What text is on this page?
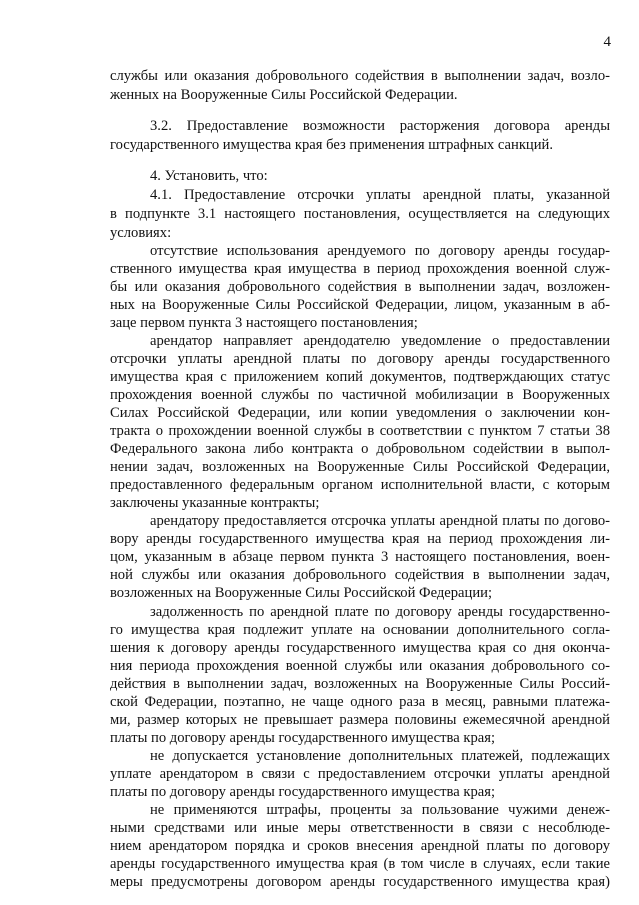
4
службы или оказания добровольного содействия в выполнении задач, возло-
женных на Вооруженные Силы Российской Федерации.
3.2. Предоставление возможности расторжения договора аренды
государственного имущества края без применения штрафных санкций.
4. Установить, что:
4.1. Предоставление отсрочки уплаты арендной платы, указанной
в подпункте 3.1 настоящего постановления, осуществляется на следующих
условиях:
отсутствие использования арендуемого по договору аренды государ-
ственного имущества края имущества в период прохождения военной служ-
бы или оказания добровольного содействия в выполнении задач, возложен-
ных на Вооруженные Силы Российской Федерации, лицом, указанным в аб-
заце первом пункта 3 настоящего постановления;
арендатор направляет арендодателю уведомление о предоставлении
отсрочки уплаты арендной платы по договору аренды государственного
имущества края с приложением копий документов, подтверждающих статус
прохождения военной службы по частичной мобилизации в Вооруженных
Силах Российской Федерации, или копии уведомления о заключении кон-
тракта о прохождении военной службы в соответствии с пунктом 7 статьи 38
Федерального закона либо контракта о добровольном содействии в выпол-
нении задач, возложенных на Вооруженные Силы Российской Федерации,
предоставленного федеральным органом исполнительной власти, с которым
заключены указанные контракты;
арендатору предоставляется отсрочка уплаты арендной платы по догово-
вору аренды государственного имущества края на период прохождения ли-
цом, указанным в абзаце первом пункта 3 настоящего постановления, воен-
ной службы или оказания добровольного содействия в выполнении задач,
возложенных на Вооруженные Силы Российской Федерации;
задолженность по арендной плате по договору аренды государственно-
го имущества края подлежит уплате на основании дополнительного согла-
шения к договору аренды государственного имущества края со дня оконча-
ния периода прохождения военной службы или оказания добровольного со-
действия в выполнении задач, возложенных на Вооруженные Силы Россий-
ской Федерации, поэтапно, не чаще одного раза в месяц, равными платежа-
ми, размер которых не превышает размера половины ежемесячной арендной
платы по договору аренды государственного имущества края;
не допускается установление дополнительных платежей, подлежащих
уплате арендатором в связи с предоставлением отсрочки уплаты арендной
платы по договору аренды государственного имущества края;
не применяются штрафы, проценты за пользование чужими денеж-
ными средствами или иные меры ответственности в связи с несоблюде-
нием арендатором порядка и сроков внесения арендной платы по договору
аренды государственного имущества края (в том числе в случаях, если такие
меры предусмотрены договором аренды государственного имущества края)
